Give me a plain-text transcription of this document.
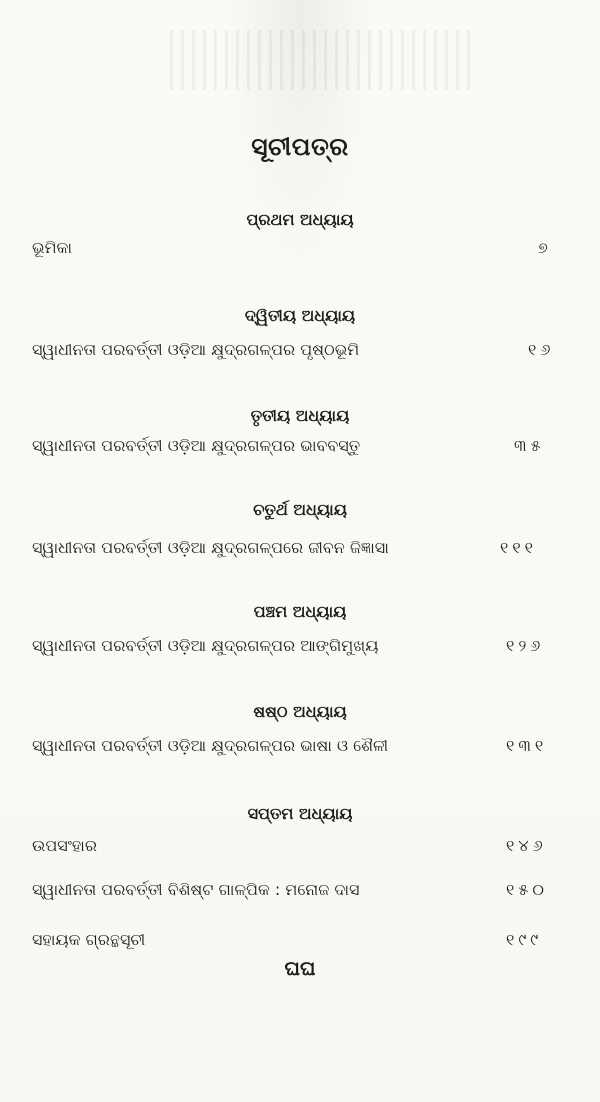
ସୂଚୀପତ୍ର
ପ୍ରଥମ ଅଧ୍ୟାୟ
ଭୂମିକା	୭
ଦ୍ୱିତୀୟ ଅଧ୍ୟାୟ
ସ୍ୱାଧୀନତା ପରବର୍ତ୍ତୀ ଓଡ଼ିଆ କ୍ଷୁଦ୍ରଗଳ୍ପର ପୃଷ୍ଠଭୂମି	୧୬
ତୃତୀୟ ଅଧ୍ୟାୟ
ସ୍ୱାଧୀନତା ପରବର୍ତ୍ତୀ ଓଡ଼ିଆ କ୍ଷୁଦ୍ରଗଳ୍ପର ଭାବବସ୍ତୁ	୩୫
ଚତୁର୍ଥ ଅଧ୍ୟାୟ
ସ୍ୱାଧୀନତା ପରବର୍ତ୍ତୀ ଓଡ଼ିଆ କ୍ଷୁଦ୍ରଗଳ୍ପରେ ଜୀବନ ଜିଜ୍ଞାସା	୧୧୧
ପଞ୍ଚମ ଅଧ୍ୟାୟ
ସ୍ୱାଧୀନତା ପରବର୍ତ୍ତୀ ଓଡ଼ିଆ କ୍ଷୁଦ୍ରଗଳ୍ପର ଆଙ୍ଗିମୁଖ୍ୟ	୧୨୬
ଷଷ୍ଠ ଅଧ୍ୟାୟ
ସ୍ୱାଧୀନତା ପରବର୍ତ୍ତୀ ଓଡ଼ିଆ କ୍ଷୁଦ୍ରଗଳ୍ପର ଭାଷା ଓ ଶୈଳୀ	୧୩୧
ସପ୍ତମ ଅଧ୍ୟାୟ
ଉପସଂହାର	୧୪୬
ସ୍ୱାଧୀନତା ପରବର୍ତ୍ତୀ ବିଶିଷ୍ଟ ଗାଳ୍ପିକ : ମନୋଜ ଦାସ	୧୫୦
ସହାୟକ ଗ୍ରନ୍ଥସୂଚୀ	୧୯୯
ଘଘ
